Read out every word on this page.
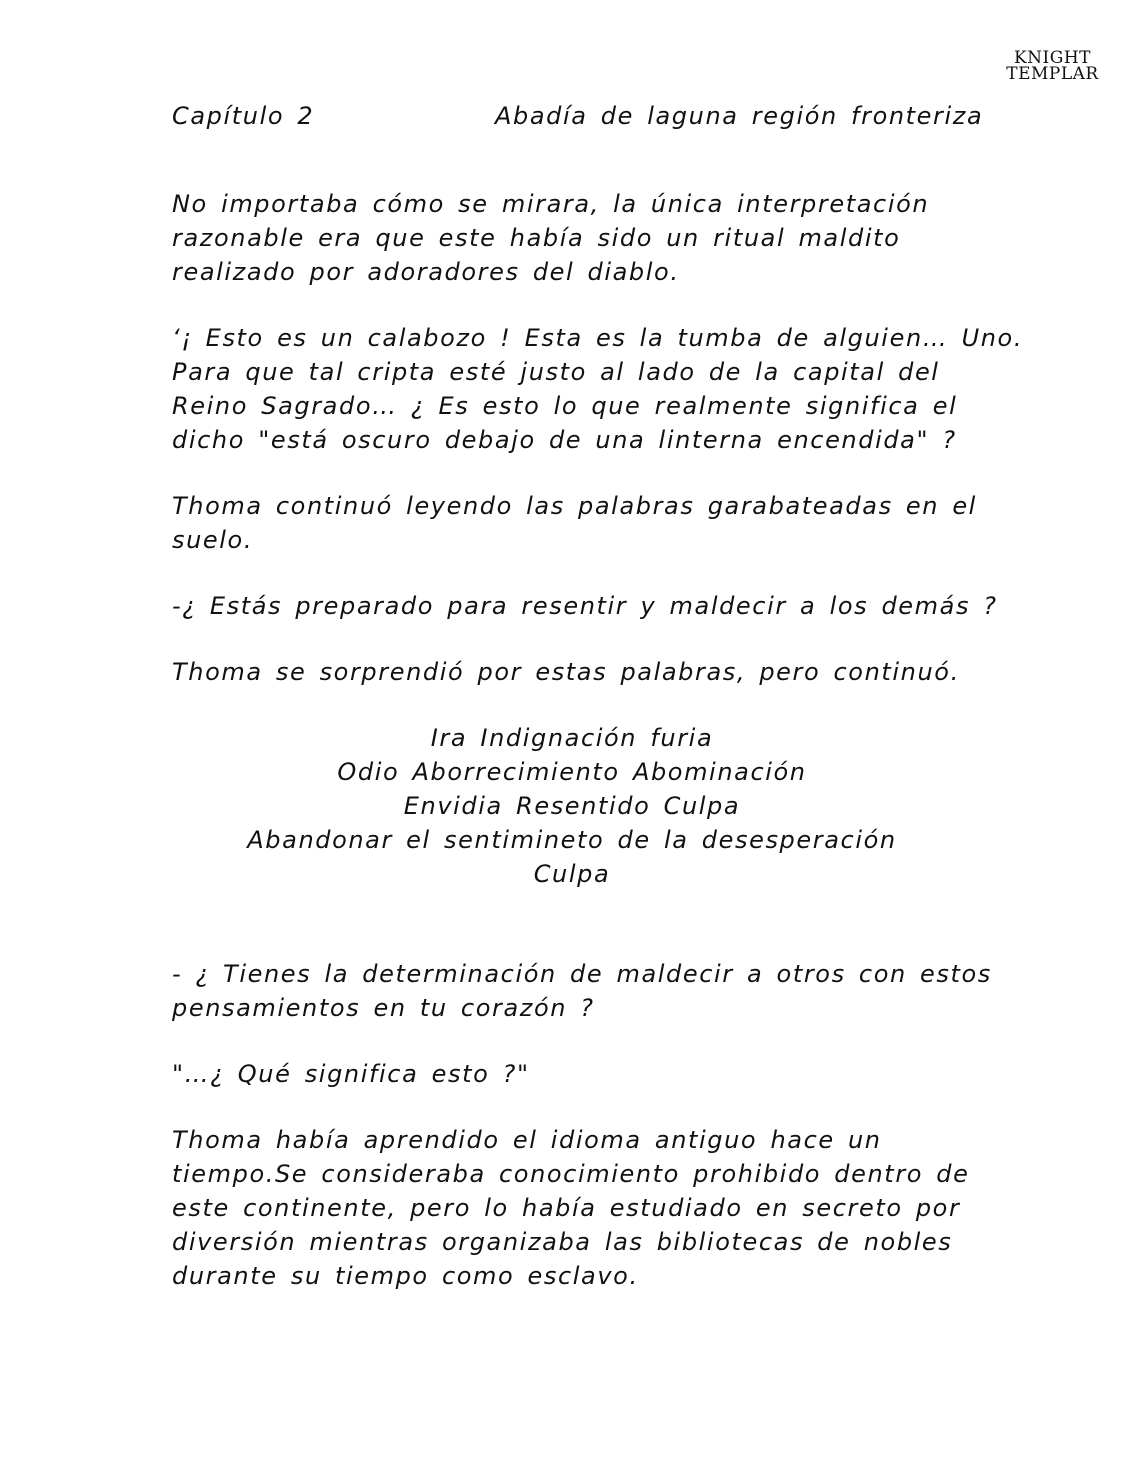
KNIGHT
TEMPLAR
Capítulo 2	Abadía de laguna región fronteriza

No importaba cómo se mirara, la única interpretación
razonable era que este había sido un ritual maldito
realizado por adoradores del diablo.

‘¡ Esto es un calabozo ! Esta es la tumba de alguien… Uno.
Para que tal cripta esté justo al lado de la capital del
Reino Sagrado… ¿ Es esto lo que realmente significa el
dicho "está oscuro debajo de una linterna encendida" ?

Thoma continuó leyendo las palabras garabateadas en el
suelo.

-¿ Estás preparado para resentir y maldecir a los demás ?

Thoma se sorprendió por estas palabras, pero continuó.

Ira Indignación furia
Odio Aborrecimiento Abominación
Envidia Resentido Culpa
Abandonar el sentimineto de la desesperación
Culpa

- ¿ Tienes la determinación de maldecir a otros con estos
pensamientos en tu corazón ?

"…¿ Qué significa esto ?"

Thoma había aprendido el idioma antiguo hace un
tiempo.Se consideraba conocimiento prohibido dentro de
este continente, pero lo había estudiado en secreto por
diversión mientras organizaba las bibliotecas de nobles
durante su tiempo como esclavo.
